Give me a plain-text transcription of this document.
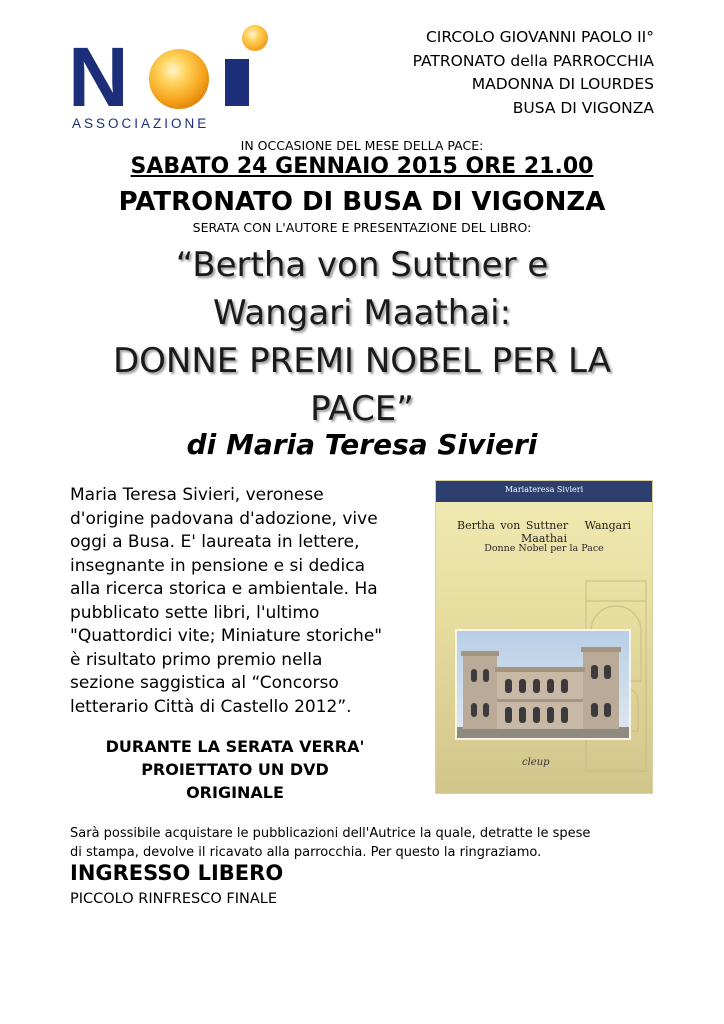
N
ASSOCIAZIONE
CIRCOLO GIOVANNI PAOLO II°
PATRONATO della PARROCCHIA
MADONNA DI LOURDES
BUSA DI VIGONZA
IN OCCASIONE DEL MESE DELLA PACE:
SABATO 24 GENNAIO 2015 ORE 21.00
PATRONATO DI BUSA DI VIGONZA
SERATA CON L'AUTORE E PRESENTAZIONE DEL LIBRO:
“Bertha von Suttner e
Wangari Maathai:
DONNE PREMI NOBEL PER LA
PACE”
di Maria Teresa Sivieri
Maria Teresa Sivieri, veronese
d'origine padovana d'adozione, vive
oggi a Busa. E' laureata in lettere,
insegnante in pensione e si dedica
alla ricerca storica e ambientale. Ha
pubblicato sette libri, l'ultimo
"Quattordici vite; Miniature storiche"
è risultato primo premio nella
sezione saggistica al “Concorso
letterario Città di Castello 2012”.
DURANTE LA SERATA VERRA'
PROIETTATO UN DVD
ORIGINALE
Mariateresa Sivieri
Bertha von Suttner Wangari Maathai
Donne Nobel per la Pace
cleup
Sarà possibile acquistare le pubblicazioni dell'Autrice la quale, detratte le spese
di stampa, devolve il ricavato alla parrocchia. Per questo la ringraziamo.
INGRESSO LIBERO
PICCOLO RINFRESCO FINALE
